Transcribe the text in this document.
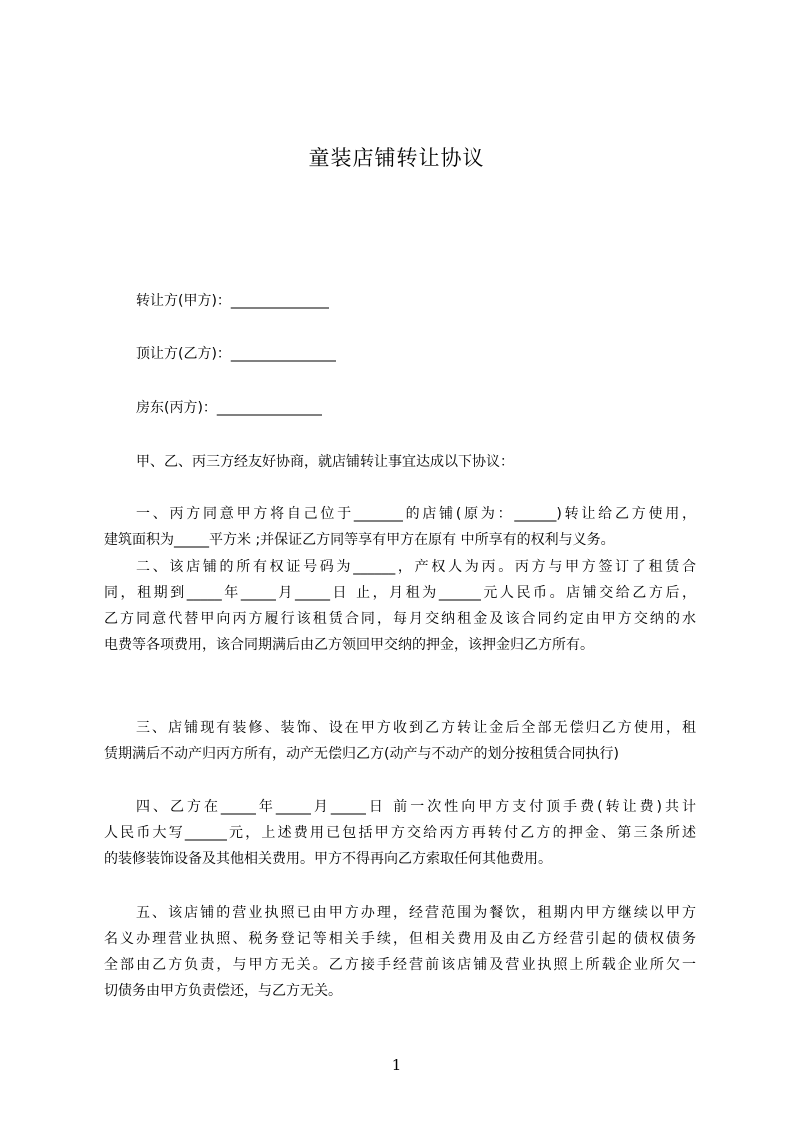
童装店铺转让协议
转让方(甲方)：______________
顶让方(乙方)：_______________
房东(丙方)：_______________
甲、乙、丙三方经友好协商，就店铺转让事宜达成以下协议：
一、丙方同意甲方将自己位于_______的店铺(原为：______)转让给乙方使用，
建筑面积为_____平方米 ;并保证乙方同等享有甲方在原有 中所享有的权利与义务。
二、该店铺的所有权证号码为______，产权人为丙。丙方与甲方签订了租赁合
同，租期到_____年_____月_____日 止，月租为______元人民币。店铺交给乙方后，
乙方同意代替甲向丙方履行该租赁合同，每月交纳租金及该合同约定由甲方交纳的水
电费等各项费用，该合同期满后由乙方领回甲交纳的押金，该押金归乙方所有。
三、店铺现有装修、装饰、设在甲方收到乙方转让金后全部无偿归乙方使用，租
赁期满后不动产归丙方所有，动产无偿归乙方(动产与不动产的划分按租赁合同执行)
四、乙方在_____年_____月_____日 前一次性向甲方支付顶手费(转让费)共计
人民币大写______元，上述费用已包括甲方交给丙方再转付乙方的押金、第三条所述
的装修装饰设备及其他相关费用。甲方不得再向乙方索取任何其他费用。
五、该店铺的营业执照已由甲方办理，经营范围为餐饮，租期内甲方继续以甲方
名义办理营业执照、税务登记等相关手续，但相关费用及由乙方经营引起的债权债务
全部由乙方负责，与甲方无关。乙方接手经营前该店铺及营业执照上所载企业所欠一
切债务由甲方负责偿还，与乙方无关。
1
